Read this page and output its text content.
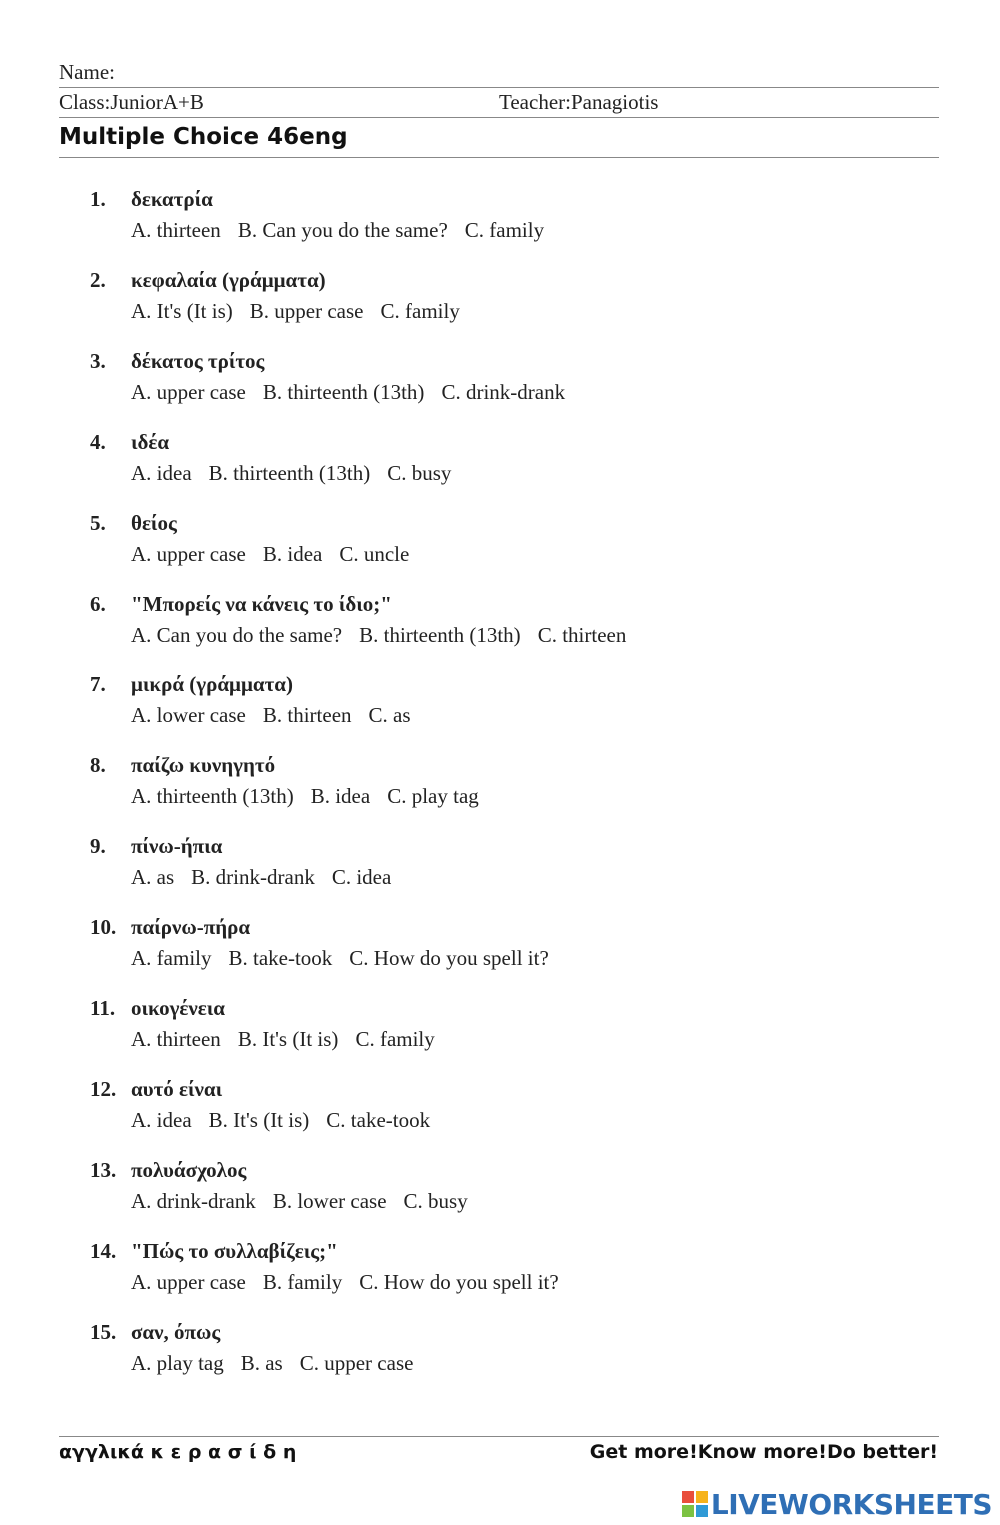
Name:
Class:JuniorA+B	Teacher:Panagiotis
Multiple Choice 46eng
1. δεκατρία
A. thirteen B. Can you do the same? C. family
2. κεφαλαία (γράμματα)
A. It's (It is) B. upper case C. family
3. δέκατος τρίτος
A. upper case B. thirteenth (13th) C. drink-drank
4. ιδέα
A. idea B. thirteenth (13th) C. busy
5. θείος
A. upper case B. idea C. uncle
6. "Μπορείς να κάνεις το ίδιο;"
A. Can you do the same? B. thirteenth (13th) C. thirteen
7. μικρά (γράμματα)
A. lower case B. thirteen C. as
8. παίζω κυνηγητό
A. thirteenth (13th) B. idea C. play tag
9. πίνω-ήπια
A. as B. drink-drank C. idea
10. παίρνω-πήρα
A. family B. take-took C. How do you spell it?
11. οικογένεια
A. thirteen B. It's (It is) C. family
12. αυτό είναι
A. idea B. It's (It is) C. take-took
13. πολυάσχολος
A. drink-drank B. lower case C. busy
14. "Πώς το συλλαβίζεις;"
A. upper case B. family C. How do you spell it?
15. σαν, όπως
A. play tag B. as C. upper case
αγγλικά κ ε ρ α σ ί δ η	Get more!Know more!Do better!
LIVEWORKSHEETS
